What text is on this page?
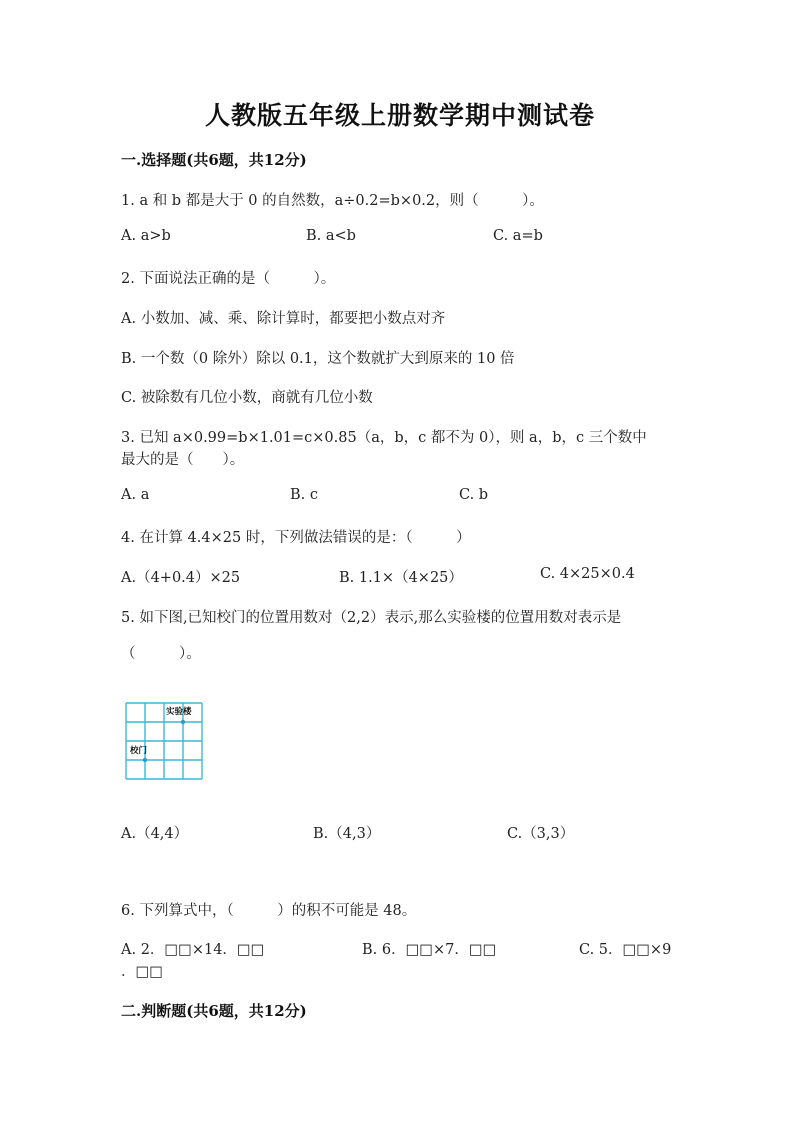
人教版五年级上册数学期中测试卷
一.选择题(共6题，共12分)
1. a 和 b 都是大于 0 的自然数，a÷0.2=b×0.2，则（　　　）。
A. a>b	B. a<b	C. a=b
2. 下面说法正确的是（　　　）。
A. 小数加、减、乘、除计算时，都要把小数点对齐
B. 一个数（0 除外）除以 0.1，这个数就扩大到原来的 10 倍
C. 被除数有几位小数，商就有几位小数
3. 已知 a×0.99=b×1.01=c×0.85（a，b，c 都不为 0），则 a，b，c 三个数中
最大的是（　　）。
A. a	B. c	C. b
4. 在计算 4.4×25 时，下列做法错误的是：（　　　）
A.（4+0.4）×25	B. 1.1×（4×25）	C. 4×25×0.4
5. 如下图,已知校门的位置用数对（2,2）表示,那么实验楼的位置用数对表示是
（　　　）。
实验楼
校门
A.（4,4）	B.（4,3）	C.（3,3）
6. 下列算式中，（　　　）的积不可能是 48。
A. 2．□□×14．□□	B. 6．□□×7．□□	C. 5．□□×9
．□□
二.判断题(共6题，共12分)
